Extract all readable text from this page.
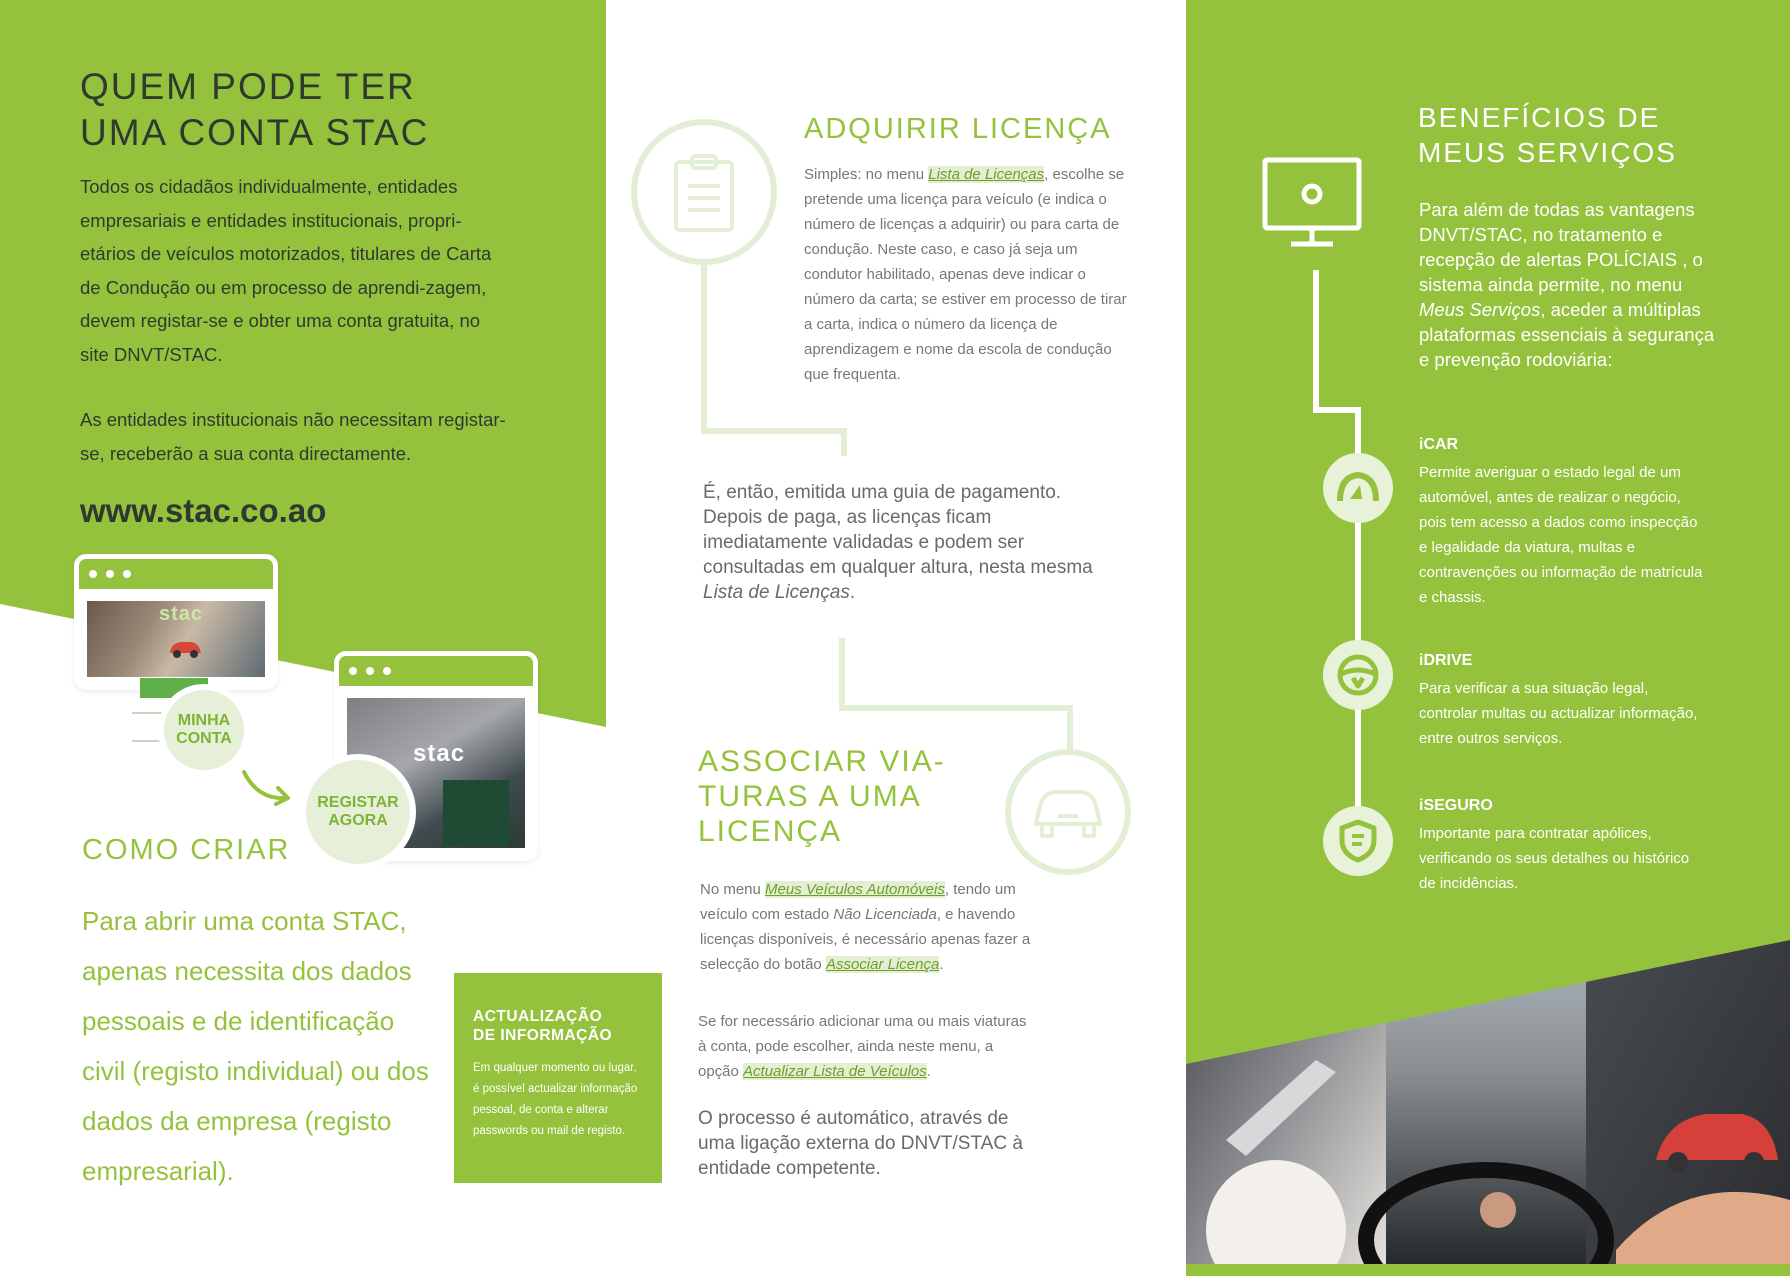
QUEM PODE TER
UMA CONTA STAC

Todos os cidadãos individualmente, entidades empresariais e entidades institucionais, propri-etários de veículos motorizados, titulares de Carta de Condução ou em processo de aprendi-zagem, devem registar-se e obter uma conta gratuita, no site DNVT/STAC.

As entidades institucionais não necessitam registar-se, receberão a sua conta directamente.

www.stac.co.ao

stac
stac
MINHA
CONTA
REGISTAR
AGORA
COMO CRIAR

Para abrir uma conta STAC, apenas necessita dos dados pessoais e de identificação civil (registo individual) ou dos dados da empresa (registo empresarial).

ACTUALIZAÇÃO
DE INFORMAÇÃO

Em qualquer momento ou lugar, é possível actualizar informação pessoal, de conta e alterar passwords ou mail de registo.

ADQUIRIR LICENÇA

Simples: no menu Lista de Licenças, escolhe se pretende uma licença para veículo (e indica o número de licenças a adquirir) ou para carta de condução. Neste caso, e caso já seja um condutor habilitado, apenas deve indicar o número da carta; se estiver em processo de tirar a carta, indica o número da licença de aprendizagem e nome da escola de condução que frequenta.

É, então, emitida uma guia de pagamento. Depois de paga, as licenças ficam imediatamente validadas e podem ser consultadas em qualquer altura, nesta mesma Lista de Licenças.

ASSOCIAR VIA-
TURAS A UMA
LICENÇA

No menu Meus Veículos Automóveis, tendo um veículo com estado Não Licenciada, e havendo licenças disponíveis, é necessário apenas fazer a selecção do botão Associar Licença.

Se for necessário adicionar uma ou mais viaturas à conta, pode escolher, ainda neste menu, a opção Actualizar Lista de Veículos.

O processo é automático, através de uma ligação externa do DNVT/STAC à entidade competente.

BENEFÍCIOS DE
MEUS SERVIÇOS

Para além de todas as vantagens DNVT/STAC, no tratamento e recepção de alertas POLÍCIAIS , o sistema ainda permite, no menu Meus Serviços, aceder a múltiplas plataformas essenciais à segurança e prevenção rodoviária:

iCAR

Permite averiguar o estado legal de um automóvel, antes de realizar o negócio, pois tem acesso a dados como inspecção e legalidade da viatura, multas e contravenções ou informação de matrícula e chassis.

iDRIVE

Para verificar a sua situação legal, controlar multas ou actualizar informação, entre outros serviços.

iSEGURO

Importante para contratar apólices, verificando os seus detalhes ou histórico de incidências.
